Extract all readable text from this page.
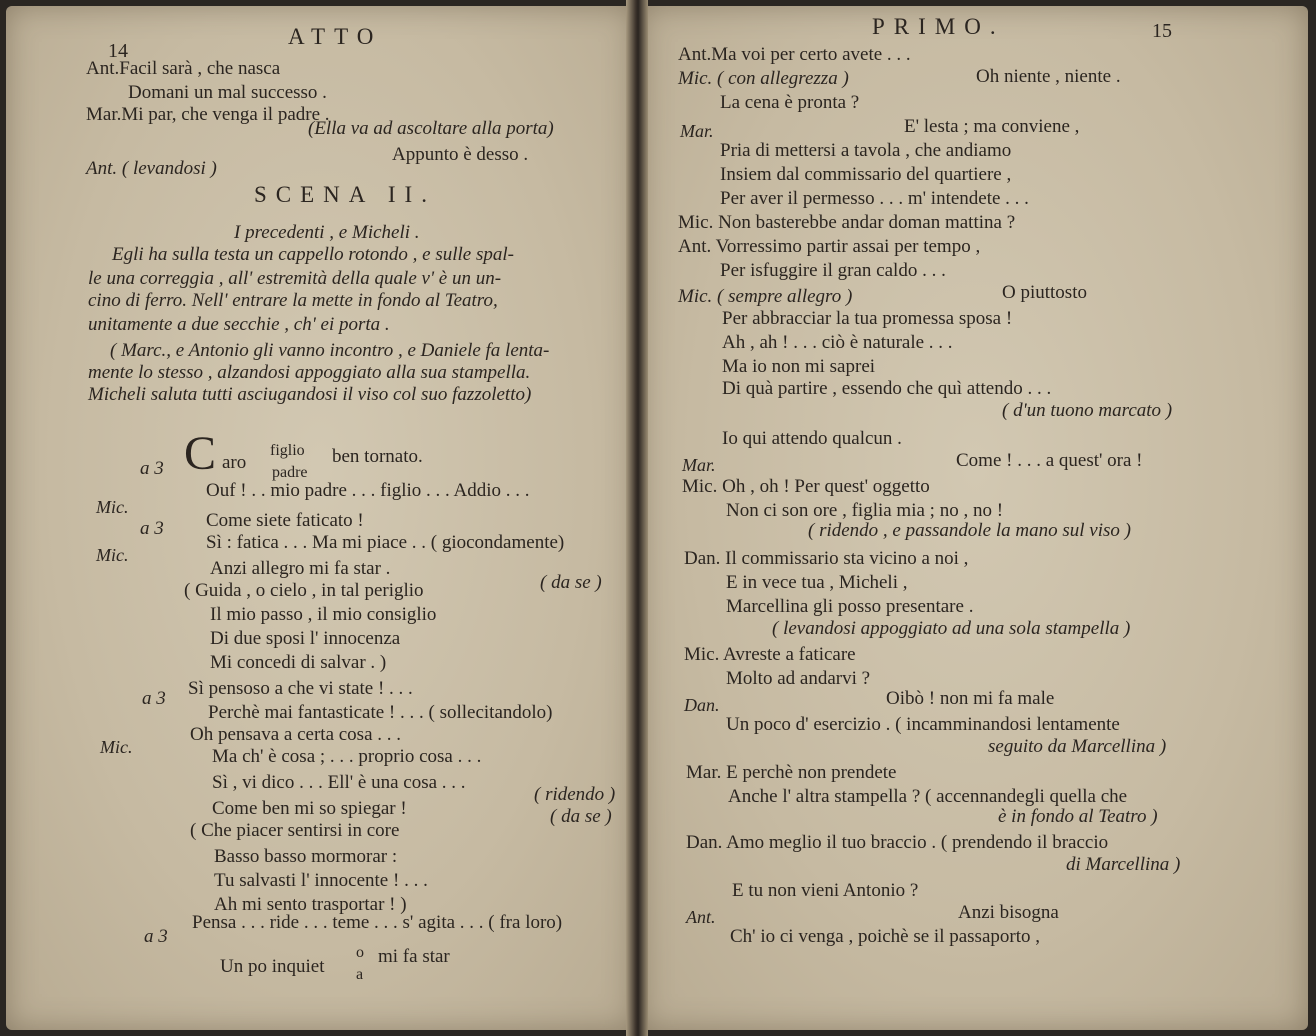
14
ATTO
Ant.Facil sarà , che nasca
Domani un mal successo .
Mar.Mi par, che venga il padre .
(Ella va ad ascoltare alla porta)
Ant. ( levandosi )
Appunto è desso .
SCENA II.
I precedenti , e Micheli .
Egli ha sulla testa un cappello rotondo , e sulle spal-
le una correggia , all' estremità della quale v' è un un-
cino di ferro. Nell' entrare la mette in fondo al Teatro,
unitamente a due secchie , ch' ei porta .
( Marc., e Antonio gli vanno incontro , e Daniele fa lenta-
mente lo stesso , alzandosi appoggiato alla sua stampella.
Micheli saluta tutti asciugandosi il viso col suo fazzoletto)
a 3 C aro
figlio
padre
ben tornato.
Mic.
Ouf ! . . mio padre . . . figlio . . . Addio . . .
a 3 Come siete faticato !
Mic.
Sì : fatica . . . Ma mi piace . . ( giocondamente)
Anzi allegro mi fa star .
( Guida , o cielo , in tal periglio	( da se )
Il mio passo , il mio consiglio
Di due sposi l' innocenza
Mi concedi di salvar . )
a 3 Sì pensoso a che vi state ! . . .
Perchè mai fantasticate ! . . . ( sollecitandolo)
Mic.
Oh pensava a certa cosa . . .
Ma ch' è cosa ; . . . proprio cosa . . .
Sì , vi dico . . . Ell' è una cosa . . .
Come ben mi so spiegar !
( ridendo )
( Che piacer sentirsi in core
( da se )
Basso basso mormorar :
Tu salvasti l' innocente ! . . .
Ah mi sento trasportar ! )
a 3
Pensa . . . ride . . . teme . . . s' agita . . . ( fra loro)
Un po inquiet
o
a
mi fa star
PRIMO.	15
Ant.Ma voi per certo avete . . .
Mic. ( con allegrezza )	Oh niente , niente .
La cena è pronta ?
Mar.	E' lesta ; ma conviene ,
Pria di mettersi a tavola , che andiamo
Insiem dal commissario del quartiere ,
Per aver il permesso . . . m' intendete . . .
Mic. Non basterebbe andar doman mattina ?
Ant. Vorressimo partir assai per tempo ,
Per isfuggire il gran caldo . . .
Mic. ( sempre allegro )	O piuttosto
Per abbracciar la tua promessa sposa !
Ah , ah ! . . . ciò è naturale . . .
Ma io non mi saprei
Di quà partire , essendo che quì attendo . . .
( d'un tuono marcato )
Io qui attendo qualcun .
Mar.	Come ! . . . a quest' ora !
Mic. Oh , oh ! Per quest' oggetto
Non ci son ore , figlia mia ; no , no !
( ridendo , e passandole la mano sul viso )
Dan. Il commissario sta vicino a noi ,
E in vece tua , Micheli ,
Marcellina gli posso presentare .
( levandosi appoggiato ad una sola stampella )
Mic. Avreste a faticare
Molto ad andarvi ?
Dan.	Oibò ! non mi fa male
Un poco d' esercizio . ( incamminandosi lentamente
seguito da Marcellina )
Mar. E perchè non prendete
Anche l' altra stampella ? ( accennandegli quella che
è in fondo al Teatro )
Dan. Amo meglio il tuo braccio . ( prendendo il braccio
di Marcellina )
E tu non vieni Antonio ?
Ant.	Anzi bisogna
Ch' io ci venga , poichè se il passaporto ,
